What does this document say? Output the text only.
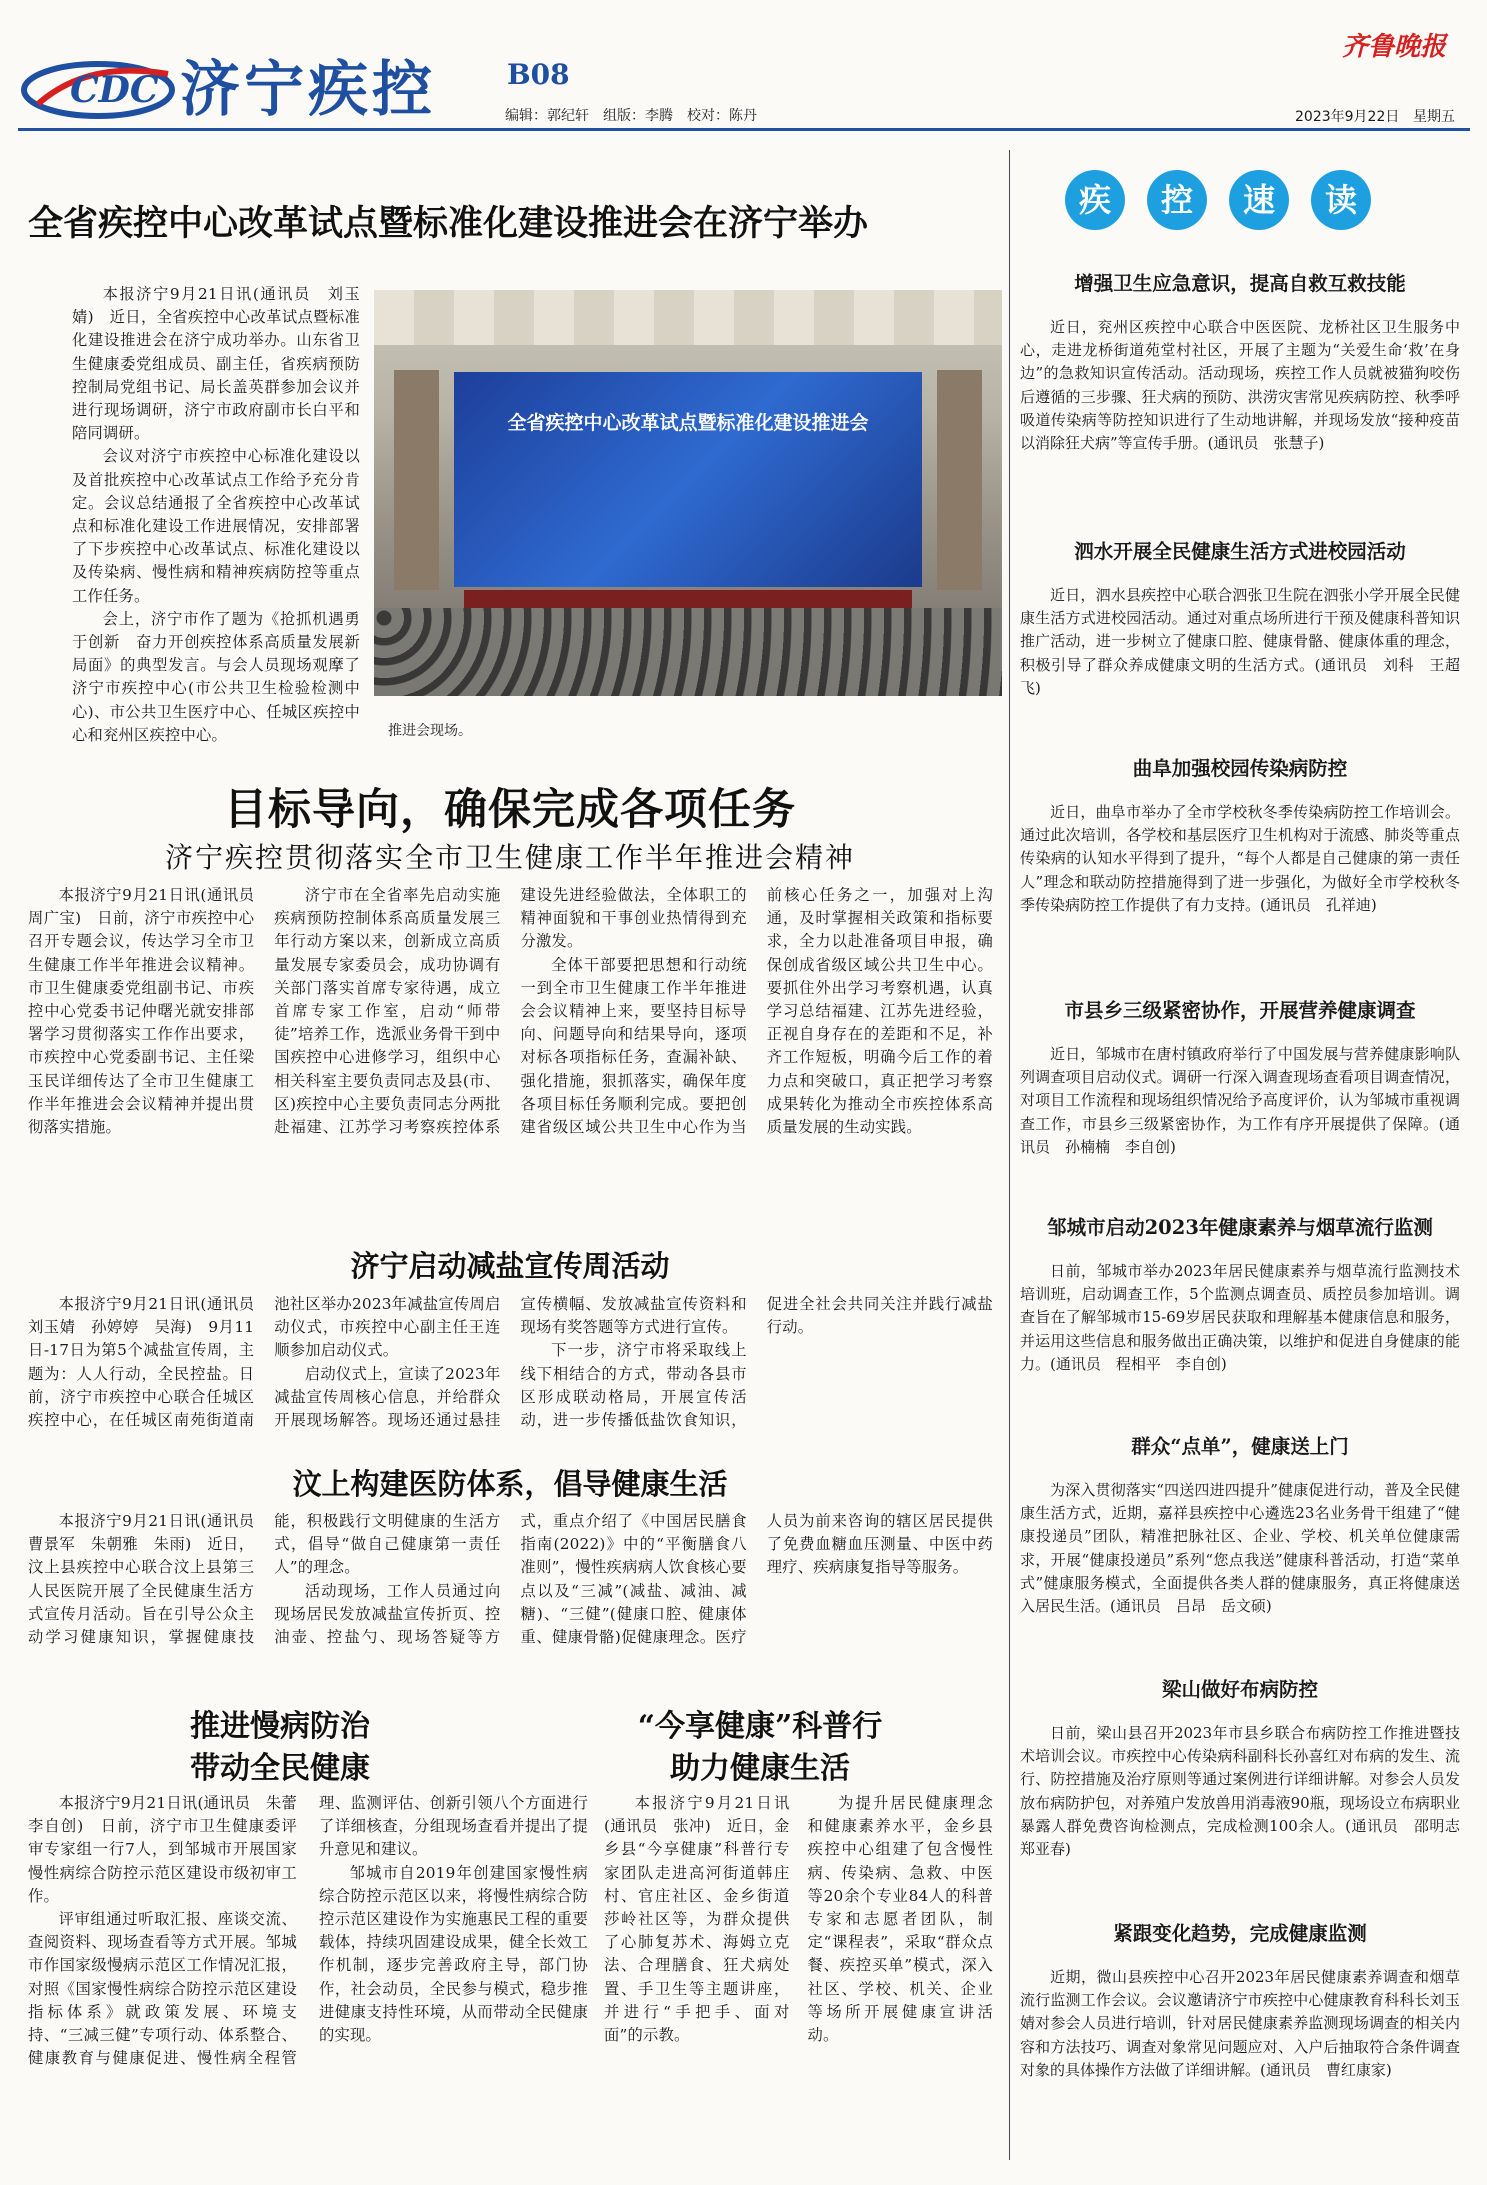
CDC 济宁疾控	B08
编辑：郭纪轩　组版：李腾　校对：陈丹
齐鲁晚报
2023年9月22日 星期五
全省疾控中心改革试点暨标准化建设推进会在济宁举办

本报济宁9月21日讯(通讯员　刘玉婧)　近日，全省疾控中心改革试点暨标准化建设推进会在济宁成功举办。山东省卫生健康委党组成员、副主任，省疾病预防控制局党组书记、局长盖英群参加会议并进行现场调研，济宁市政府副市长白平和陪同调研。

会议对济宁市疾控中心标准化建设以及首批疾控中心改革试点工作给予充分肯定。会议总结通报了全省疾控中心改革试点和标准化建设工作进展情况，安排部署了下步疾控中心改革试点、标准化建设以及传染病、慢性病和精神疾病防控等重点工作任务。

会上，济宁市作了题为《抢抓机遇勇于创新　奋力开创疾控体系高质量发展新局面》的典型发言。与会人员现场观摩了济宁市疾控中心(市公共卫生检验检测中心)、市公共卫生医疗中心、任城区疾控中心和兖州区疾控中心。

全省疾控中心改革试点暨标准化建设推进会
推进会现场。
目标导向，确保完成各项任务
济宁疾控贯彻落实全市卫生健康工作半年推进会精神

本报济宁9月21日讯(通讯员　周广宝)　日前，济宁市疾控中心召开专题会议，传达学习全市卫生健康工作半年推进会议精神。市卫生健康委党组副书记、市疾控中心党委书记仲曙光就安排部署学习贯彻落实工作作出要求，市疾控中心党委副书记、主任梁玉民详细传达了全市卫生健康工作半年推进会会议精神并提出贯彻落实措施。

济宁市在全省率先启动实施疾病预防控制体系高质量发展三年行动方案以来，创新成立高质量发展专家委员会，成功协调有关部门落实首席专家待遇，成立首席专家工作室，启动“师带徒”培养工作，选派业务骨干到中国疾控中心进修学习，组织中心相关科室主要负责同志及县(市、区)疾控中心主要负责同志分两批赴福建、江苏学习考察疾控体系建设先进经验做法，全体职工的精神面貌和干事创业热情得到充分激发。

全体干部要把思想和行动统一到全市卫生健康工作半年推进会会议精神上来，要坚持目标导向、问题导向和结果导向，逐项对标各项指标任务，查漏补缺、强化措施，狠抓落实，确保年度各项目标任务顺利完成。要把创建省级区域公共卫生中心作为当前核心任务之一，加强对上沟通，及时掌握相关政策和指标要求，全力以赴准备项目申报，确保创成省级区域公共卫生中心。要抓住外出学习考察机遇，认真学习总结福建、江苏先进经验，正视自身存在的差距和不足，补齐工作短板，明确今后工作的着力点和突破口，真正把学习考察成果转化为推动全市疾控体系高质量发展的生动实践。

济宁启动减盐宣传周活动

本报济宁9月21日讯(通讯员　刘玉婧　孙婷婷　吴海)　9月11日-17日为第5个减盐宣传周，主题为：人人行动，全民控盐。日前，济宁市疾控中心联合任城区疾控中心，在任城区南苑街道南池社区举办2023年减盐宣传周启动仪式，市疾控中心副主任王连顺参加启动仪式。

启动仪式上，宣读了2023年减盐宣传周核心信息，并给群众开展现场解答。现场还通过悬挂宣传横幅、发放减盐宣传资料和现场有奖答题等方式进行宣传。

下一步，济宁市将采取线上线下相结合的方式，带动各县市区形成联动格局，开展宣传活动，进一步传播低盐饮食知识，促进全社会共同关注并践行减盐行动。

汶上构建医防体系，倡导健康生活

本报济宁9月21日讯(通讯员　曹景军　朱朝雅　朱雨)　近日，汶上县疾控中心联合汶上县第三人民医院开展了全民健康生活方式宣传月活动。旨在引导公众主动学习健康知识，掌握健康技能，积极践行文明健康的生活方式，倡导“做自己健康第一责任人”的理念。

活动现场，工作人员通过向现场居民发放减盐宣传折页、控油壶、控盐勺、现场答疑等方式，重点介绍了《中国居民膳食指南(2022)》中的“平衡膳食八准则”，慢性疾病病人饮食核心要点以及“三减”(减盐、减油、减糖)、“三健”(健康口腔、健康体重、健康骨骼)促健康理念。医疗人员为前来咨询的辖区居民提供了免费血糖血压测量、中医中药理疗、疾病康复指导等服务。

推进慢病防治
带动全民健康

本报济宁9月21日讯(通讯员　朱蕾　李自创)　日前，济宁市卫生健康委评审专家组一行7人，到邹城市开展国家慢性病综合防控示范区建设市级初审工作。

评审组通过听取汇报、座谈交流、查阅资料、现场查看等方式开展。邹城市作国家级慢病示范区工作情况汇报，对照《国家慢性病综合防控示范区建设指标体系》就政策发展、环境支持、“三减三健”专项行动、体系整合、健康教育与健康促进、慢性病全程管理、监测评估、创新引领八个方面进行了详细核查，分组现场查看并提出了提升意见和建议。

邹城市自2019年创建国家慢性病综合防控示范区以来，将慢性病综合防控示范区建设作为实施惠民工程的重要载体，持续巩固建设成果，健全长效工作机制，逐步完善政府主导，部门协作，社会动员，全民参与模式，稳步推进健康支持性环境，从而带动全民健康的实现。

“今享健康”科普行
助力健康生活

本报济宁9月21日讯(通讯员　张冲)　近日，金乡县“今享健康”科普行专家团队走进高河街道韩庄村、官庄社区、金乡街道莎岭社区等，为群众提供了心肺复苏术、海姆立克法、合理膳食、狂犬病处置、手卫生等主题讲座，并进行“手把手、面对面”的示教。

为提升居民健康理念和健康素养水平，金乡县疾控中心组建了包含慢性病、传染病、急救、中医等20余个专业84人的科普专家和志愿者团队，制定“课程表”，采取“群众点餐、疾控买单”模式，深入社区、学校、机关、企业等场所开展健康宣讲活动。

疾	控	速	读
增强卫生应急意识，提高自救互救技能

近日，兖州区疾控中心联合中医医院、龙桥社区卫生服务中心，走进龙桥街道苑堂村社区，开展了主题为“关爱生命‘救’在身边”的急救知识宣传活动。活动现场，疾控工作人员就被猫狗咬伤后遵循的三步骤、狂犬病的预防、洪涝灾害常见疾病防控、秋季呼吸道传染病等防控知识进行了生动地讲解，并现场发放“接种疫苗　以消除狂犬病”等宣传手册。(通讯员　张慧子)

泗水开展全民健康生活方式进校园活动

近日，泗水县疾控中心联合泗张卫生院在泗张小学开展全民健康生活方式进校园活动。通过对重点场所进行干预及健康科普知识推广活动，进一步树立了健康口腔、健康骨骼、健康体重的理念，积极引导了群众养成健康文明的生活方式。(通讯员　刘科　王超飞)

曲阜加强校园传染病防控

近日，曲阜市举办了全市学校秋冬季传染病防控工作培训会。通过此次培训，各学校和基层医疗卫生机构对于流感、肺炎等重点传染病的认知水平得到了提升，“每个人都是自己健康的第一责任人”理念和联动防控措施得到了进一步强化，为做好全市学校秋冬季传染病防控工作提供了有力支持。(通讯员　孔祥迪)

市县乡三级紧密协作，开展营养健康调查

近日，邹城市在唐村镇政府举行了中国发展与营养健康影响队列调查项目启动仪式。调研一行深入调查现场查看项目调查情况，对项目工作流程和现场组织情况给予高度评价，认为邹城市重视调查工作，市县乡三级紧密协作，为工作有序开展提供了保障。(通讯员　孙楠楠　李自创)

邹城市启动2023年健康素养与烟草流行监测

日前，邹城市举办2023年居民健康素养与烟草流行监测技术培训班，启动调查工作，5个监测点调查员、质控员参加培训。调查旨在了解邹城市15-69岁居民获取和理解基本健康信息和服务，并运用这些信息和服务做出正确决策，以维护和促进自身健康的能力。(通讯员　程相平　李自创)

群众“点单”，健康送上门

为深入贯彻落实“四送四进四提升”健康促进行动，普及全民健康生活方式，近期，嘉祥县疾控中心遴选23名业务骨干组建了“健康投递员”团队，精准把脉社区、企业、学校、机关单位健康需求，开展“健康投递员”系列“您点我送”健康科普活动，打造“菜单式”健康服务模式，全面提供各类人群的健康服务，真正将健康送入居民生活。(通讯员　吕昂　岳文硕)

梁山做好布病防控

日前，梁山县召开2023年市县乡联合布病防控工作推进暨技术培训会议。市疾控中心传染病科副科长孙喜红对布病的发生、流行、防控措施及治疗原则等通过案例进行详细讲解。对参会人员发放布病防护包，对养殖户发放兽用消毒液90瓶，现场设立布病职业暴露人群免费咨询检测点，完成检测100余人。(通讯员　邵明志　郑亚春)

紧跟变化趋势，完成健康监测

近期，微山县疾控中心召开2023年居民健康素养调查和烟草流行监测工作会议。会议邀请济宁市疾控中心健康教育科科长刘玉婧对参会人员进行培训，针对居民健康素养监测现场调查的相关内容和方法技巧、调查对象常见问题应对、入户后抽取符合条件调查对象的具体操作方法做了详细讲解。(通讯员　曹红康家)
